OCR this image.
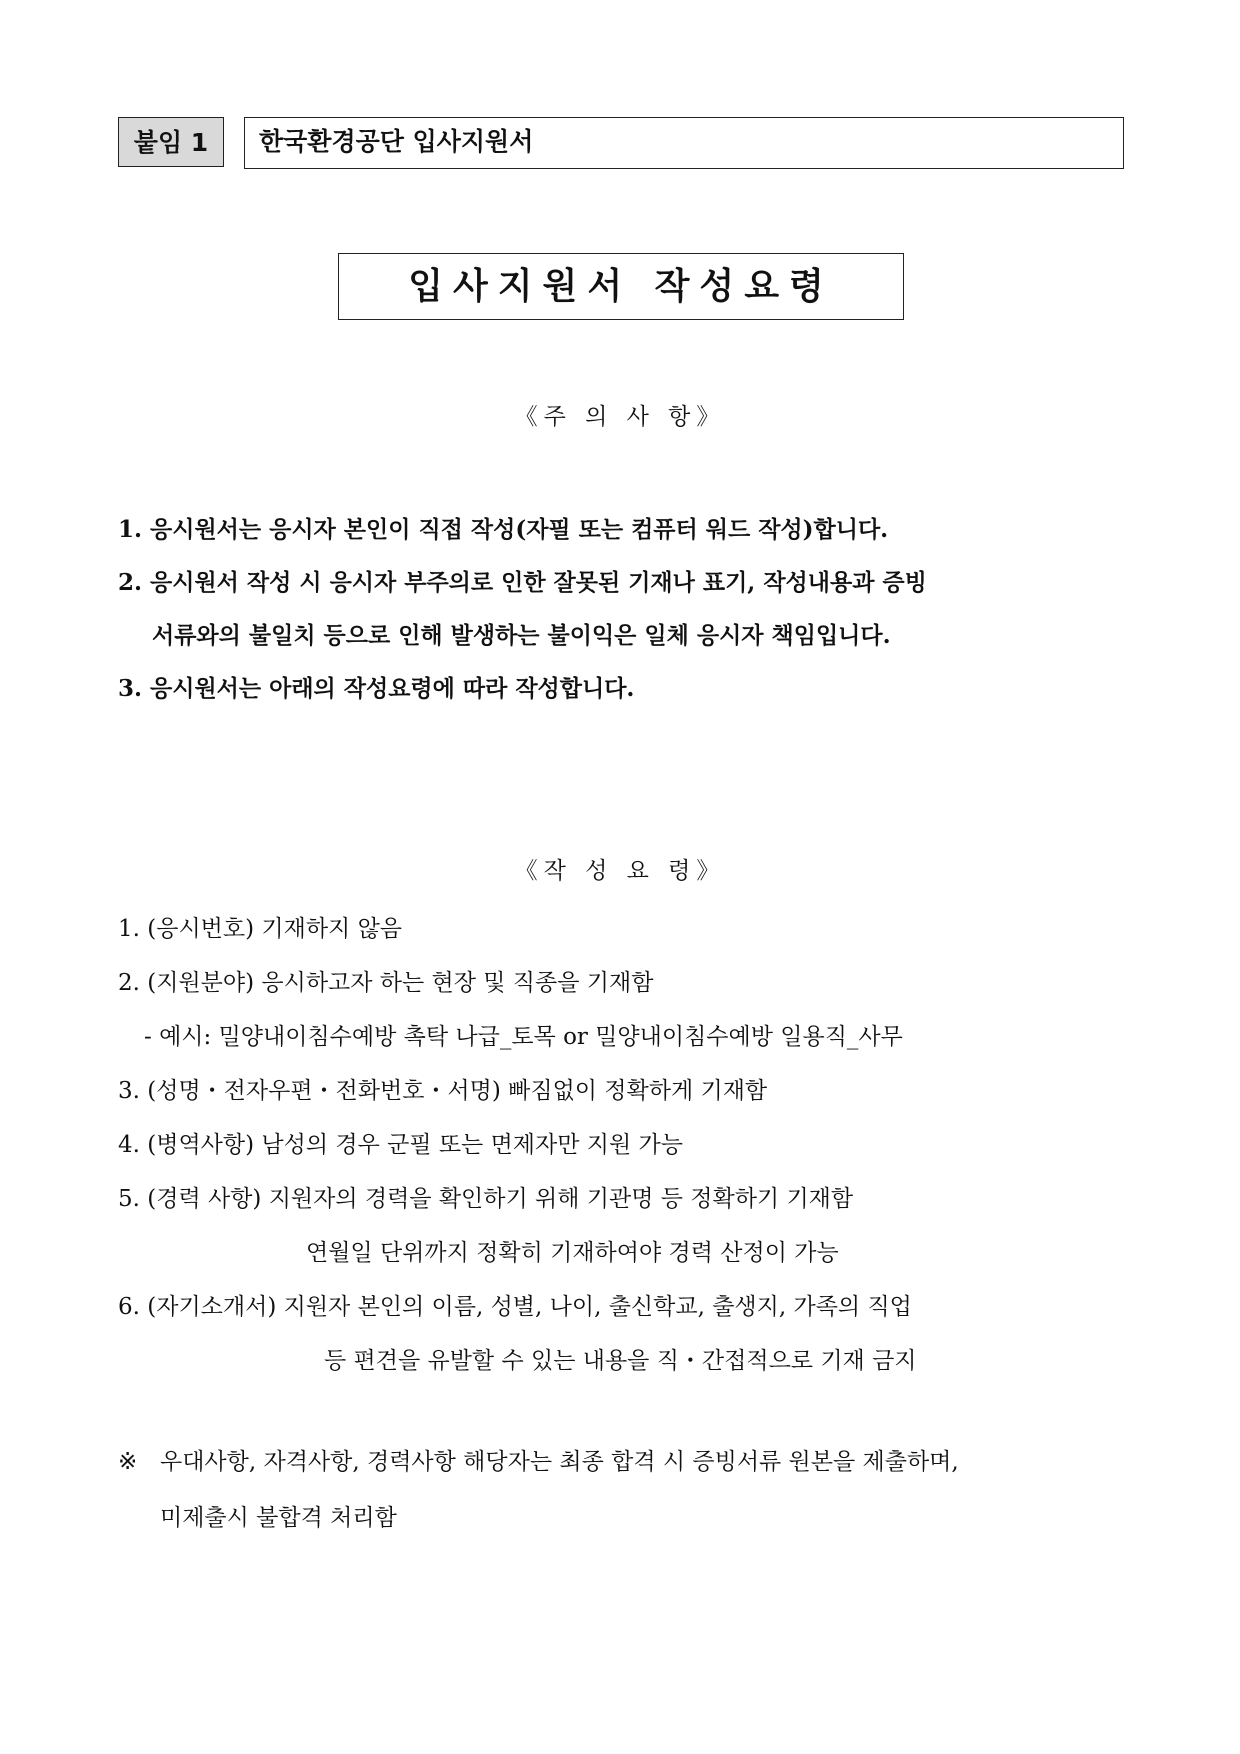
붙임 1	한국환경공단 입사지원서
입사지원서 작성요령
《주 의 사 항》
1. 응시원서는 응시자 본인이 직접 작성(자필 또는 컴퓨터 워드 작성)합니다.
2. 응시원서 작성 시 응시자 부주의로 인한 잘못된 기재나 표기, 작성내용과 증빙
서류와의 불일치 등으로 인해 발생하는 불이익은 일체 응시자 책임입니다.
3. 응시원서는 아래의 작성요령에 따라 작성합니다.
《작 성 요 령》
1. (응시번호) 기재하지 않음
2. (지원분야) 응시하고자 하는 현장 및 직종을 기재함
- 예시: 밀양내이침수예방 촉탁 나급_토목 or 밀양내이침수예방 일용직_사무
3. (성명・전자우편・전화번호・서명) 빠짐없이 정확하게 기재함
4. (병역사항) 남성의 경우 군필 또는 면제자만 지원 가능
5. (경력 사항) 지원자의 경력을 확인하기 위해 기관명 등 정확하기 기재함
연월일 단위까지 정확히 기재하여야 경력 산정이 가능
6. (자기소개서) 지원자 본인의 이름, 성별, 나이, 출신학교, 출생지, 가족의 직업
등 편견을 유발할 수 있는 내용을 직・간접적으로 기재 금지
※ 우대사항, 자격사항, 경력사항 해당자는 최종 합격 시 증빙서류 원본을 제출하며,
미제출시 불합격 처리함
